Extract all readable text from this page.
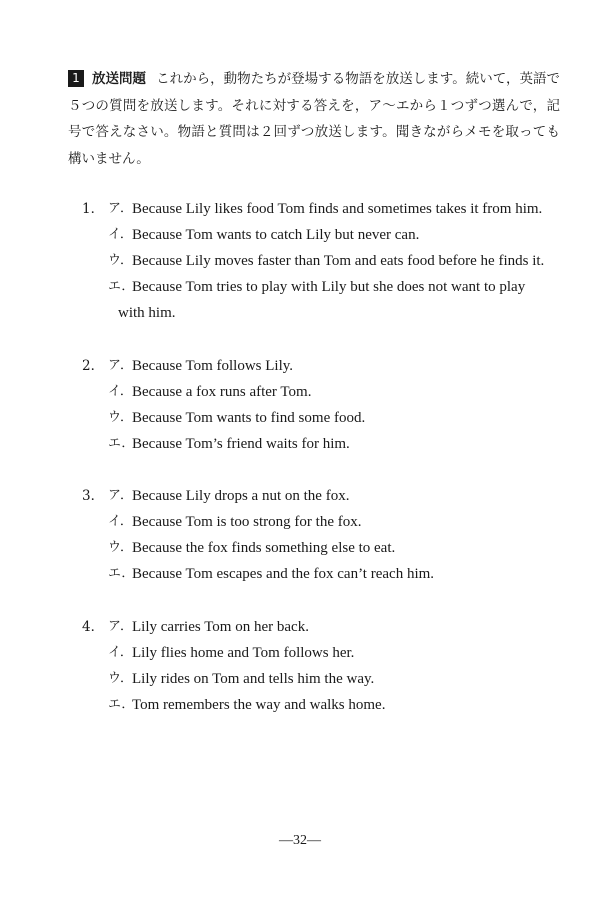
1 放送問題 これから，動物たちが登場する物語を放送します。続いて，英語で５つの質問を放送します。それに対する答えを，ア～エから１つずつ選んで，記号で答えなさい。物語と質問は２回ずつ放送します。聞きながらメモを取っても構いません。
1． ア． Because Lily likes food Tom finds and sometimes takes it from him.
イ． Because Tom wants to catch Lily but never can.
ウ． Because Lily moves faster than Tom and eats food before he finds it.
エ．
Because Tom tries to play with Lily but she does not want to play
with him.
2． ア． Because Tom follows Lily.
イ． Because a fox runs after Tom.
ウ． Because Tom wants to find some food.
エ．
Because Tom’s friend waits for him.
3． ア． Because Lily drops a nut on the fox.
イ． Because Tom is too strong for the fox.
ウ． Because the fox finds something else to eat.
エ．
Because Tom escapes and the fox can’t reach him.
4． ア． Lily carries Tom on her back.
イ． Lily flies home and Tom follows her.
ウ． Lily rides on Tom and tells him the way.
エ．
Tom remembers the way and walks home.
—32—
